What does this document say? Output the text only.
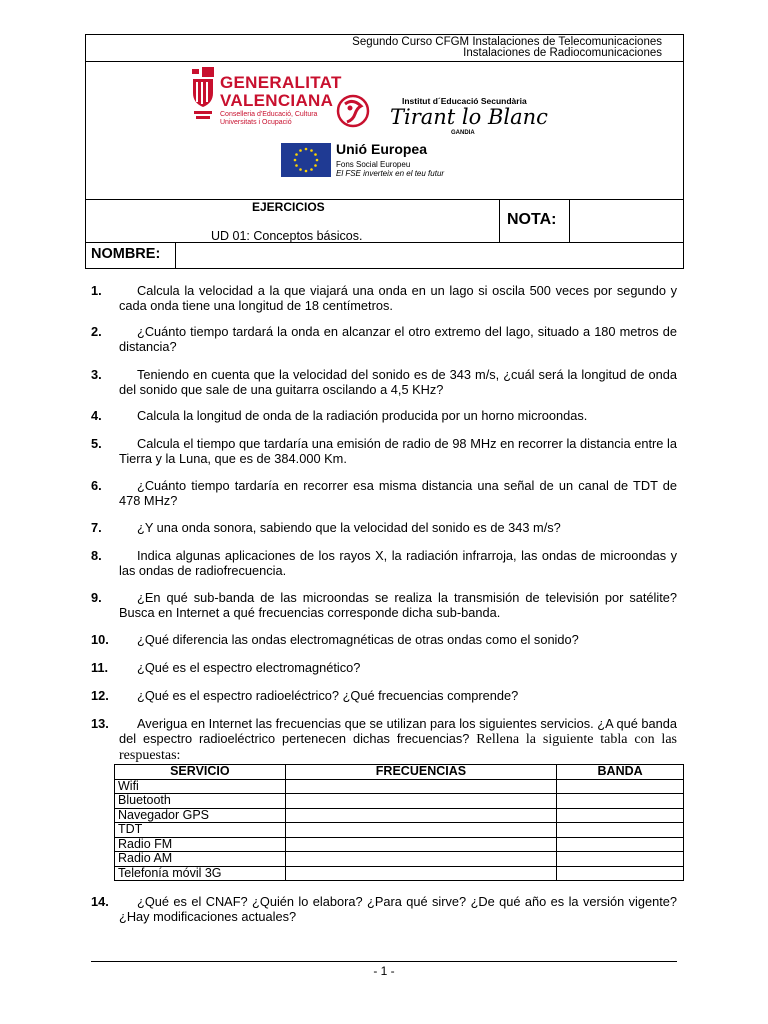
Segundo Curso CFGM Instalaciones de Telecomunicaciones
Instalaciones de Radiocomunicaciones
GENERALITAT
VALENCIANA
Conselleria d'Educació, Cultura
Universitats i Ocupació
Institut d´Educació Secundària
Tirant lo Blanc
GANDIA
Unió Europea
Fons Social Europeu
El FSE inverteix en el teu futur
EJERCICIOS
UD 01: Conceptos básicos.
NOTA:
NOMBRE:
1.	Calcula la velocidad a la que viajará una onda en un lago si oscila 500 veces por segundo y cada onda tiene una longitud de 18 centímetros.
2.	¿Cuánto tiempo tardará la onda en alcanzar el otro extremo del lago, situado a 180 metros de distancia?
3.	Teniendo en cuenta que la velocidad del sonido es de 343 m/s, ¿cuál será la longitud de onda del sonido que sale de una guitarra oscilando a 4,5 KHz?
4.	Calcula la longitud de onda de la radiación producida por un horno microondas.
5.	Calcula el tiempo que tardaría una emisión de radio de 98 MHz en recorrer la distancia entre la Tierra y la Luna, que es de 384.000 Km.
6.	¿Cuánto tiempo tardaría en recorrer esa misma distancia una señal de un canal de TDT de 478 MHz?
7.	¿Y una onda sonora, sabiendo que la velocidad del sonido es de 343 m/s?
8.	Indica algunas aplicaciones de los rayos X, la radiación infrarroja, las ondas de microondas y las ondas de radiofrecuencia.
9.	¿En qué sub-banda de las microondas se realiza la transmisión de televisión por satélite? Busca en Internet a qué frecuencias corresponde dicha sub-banda.
10.	¿Qué diferencia las ondas electromagnéticas de otras ondas como el sonido?
11.	¿Qué es el espectro electromagnético?
12.	¿Qué es el espectro radioeléctrico? ¿Qué frecuencias comprende?
13.	Averigua en Internet las frecuencias que se utilizan para los siguientes servicios. ¿A qué banda del espectro radioeléctrico pertenecen dichas frecuencias? Rellena la siguiente tabla con las respuestas:
SERVICIO	FRECUENCIAS	BANDA
Wifi		
Bluetooth		
Navegador GPS		
TDT		
Radio FM		
Radio AM		
Telefonía móvil 3G		
14.	¿Qué es el CNAF? ¿Quién lo elabora? ¿Para qué sirve? ¿De qué año es la versión vigente? ¿Hay modificaciones actuales?
- 1 -
